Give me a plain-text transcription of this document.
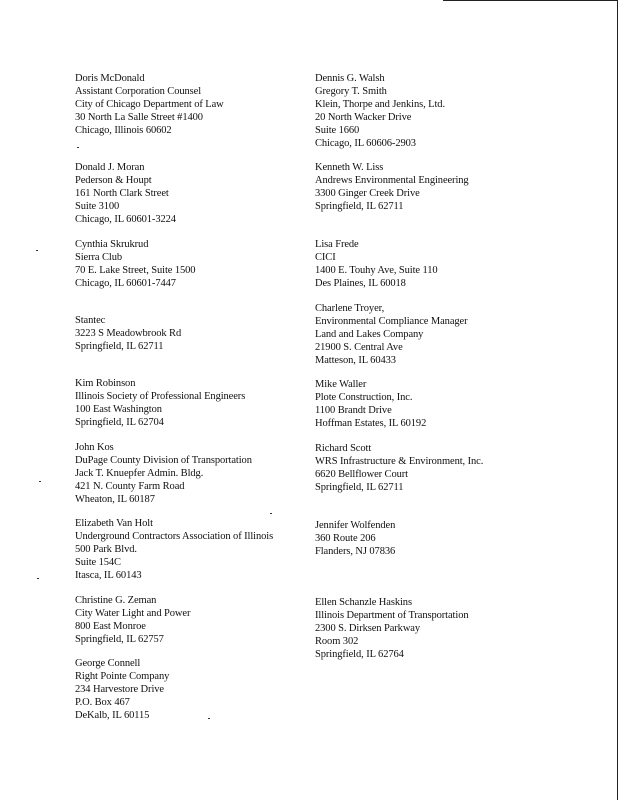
Doris McDonald
Assistant Corporation Counsel
City of Chicago Department of Law
30 North La Salle Street #1400
Chicago, Illinois 60602
Donald J. Moran
Pederson & Houpt
161 North Clark Street
Suite 3100
Chicago, IL 60601-3224
Cynthia Skrukrud
Sierra Club
70 E. Lake Street, Suite 1500
Chicago, IL 60601-7447
Stantec
3223 S Meadowbrook Rd
Springfield, IL 62711
Kim Robinson
Illinois Society of Professional Engineers
100 East Washington
Springfield, IL 62704
John Kos
DuPage County Division of Transportation
Jack T. Knuepfer Admin. Bldg.
421 N. County Farm Road
Wheaton, IL 60187
Elizabeth Van Holt
Underground Contractors Association of Illinois
500 Park Blvd.
Suite 154C
Itasca, IL 60143
Christine G. Zeman
City Water Light and Power
800 East Monroe
Springfield, IL 62757
George Connell
Right Pointe Company
234 Harvestore Drive
P.O. Box 467
DeKalb, IL 60115
Dennis G. Walsh
Gregory T. Smith
Klein, Thorpe and Jenkins, Ltd.
20 North Wacker Drive
Suite 1660
Chicago, IL 60606-2903
Kenneth W. Liss
Andrews Environmental Engineering
3300 Ginger Creek Drive
Springfield, IL 62711
Lisa Frede
CICI
1400 E. Touhy Ave, Suite 110
Des Plaines, IL 60018
Charlene Troyer,
Environmental Compliance Manager
Land and Lakes Company
21900 S. Central Ave
Matteson, IL 60433
Mike Waller
Plote Construction, Inc.
1100 Brandt Drive
Hoffman Estates, IL 60192
Richard Scott
WRS Infrastructure & Environment, Inc.
6620 Bellflower Court
Springfield, IL 62711
Jennifer Wolfenden
360 Route 206
Flanders, NJ 07836
Ellen Schanzle Haskins
Illinois Department of Transportation
2300 S. Dirksen Parkway
Room 302
Springfield, IL 62764
